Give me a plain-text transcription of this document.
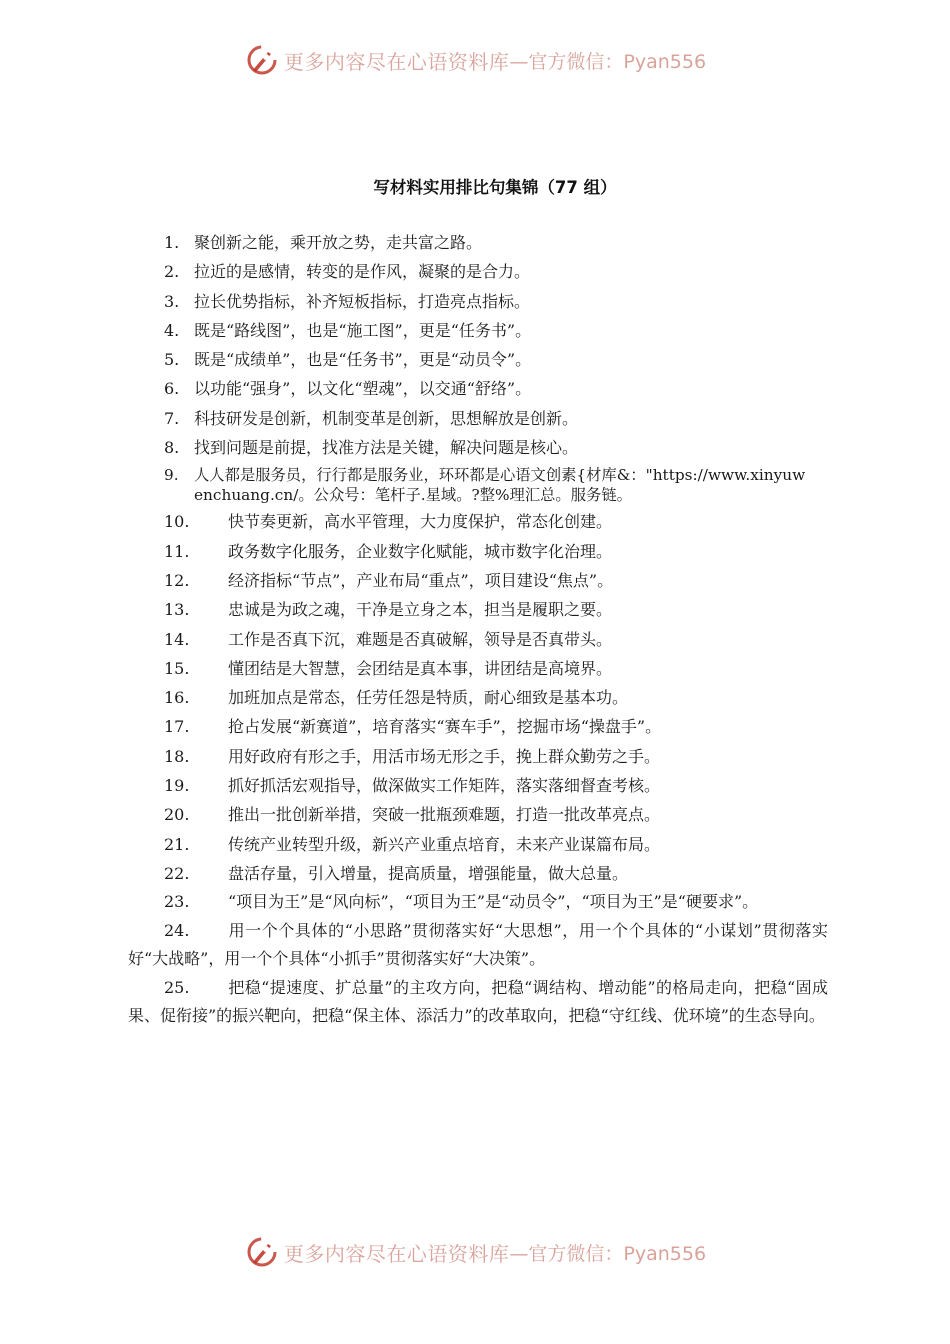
更多内容尽在心语资料库 —官方微信：Pyan556
写材料实用排比句集锦（77 组）
1. 聚创新之能，乘开放之势，走共富之路。
2. 拉近的是感情，转变的是作风，凝聚的是合力。
3. 拉长优势指标，补齐短板指标，打造亮点指标。
4. 既是“路线图”，也是“施工图”，更是“任务书”。
5. 既是“成绩单”，也是“任务书”，更是“动员令”。
6. 以功能“强身”，以文化“塑魂”，以交通“舒络”。
7. 科技研发是创新，机制变革是创新，思想解放是创新。
8. 找到问题是前提，找准方法是关键，解决问题是核心。
9. 人人都是服务员，行行都是服务业，环环都是心语文创素{材库&："https://www.xinyuwenchuang.cn/。公众号：笔杆子.星域。?整%理汇总。服务链。
10. 快节奏更新，高水平管理，大力度保护，常态化创建。
11. 政务数字化服务，企业数字化赋能，城市数字化治理。
12. 经济指标“节点”，产业布局“重点”，项目建设“焦点”。
13. 忠诚是为政之魂，干净是立身之本，担当是履职之要。
14. 工作是否真下沉，难题是否真破解，领导是否真带头。
15. 懂团结是大智慧，会团结是真本事，讲团结是高境界。
16. 加班加点是常态，任劳任怨是特质，耐心细致是基本功。
17. 抢占发展“新赛道”，培育落实“赛车手”，挖掘市场“操盘手”。
18. 用好政府有形之手，用活市场无形之手，挽上群众勤劳之手。
19. 抓好抓活宏观指导，做深做实工作矩阵，落实落细督查考核。
20. 推出一批创新举措，突破一批瓶颈难题，打造一批改革亮点。
21. 传统产业转型升级，新兴产业重点培育，未来产业谋篇布局。
22. 盘活存量，引入增量，提高质量，增强能量，做大总量。
23. “项目为王”是“风向标”，“项目为王”是“动员令”，“项目为王”是“硬要求”。
24. 用一个个具体的“小思路”贯彻落实好“大思想”，用一个个具体的“小谋划”贯彻落实好“大战略”，用一个个具体“小抓手”贯彻落实好“大决策”。
25. 把稳“提速度、扩总量”的主攻方向，把稳“调结构、增动能”的格局走向，把稳“固成果、促衔接”的振兴靶向，把稳“保主体、添活力”的改革取向，把稳“守红线、优环境”的生态导向。
更多内容尽在心语资料库 —官方微信：Pyan556
